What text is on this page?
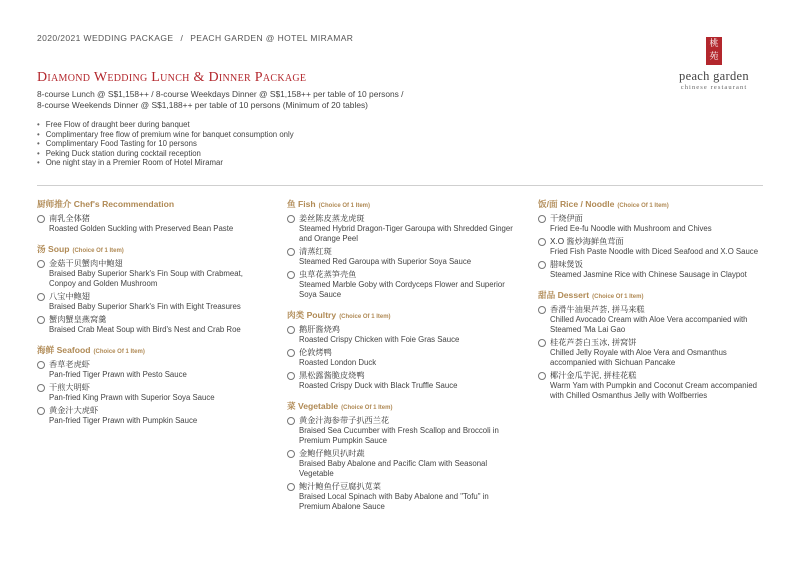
2020/2021 WEDDING PACKAGE / PEACH GARDEN @ HOTEL MIRAMAR
桃苑
peach garden
chinese restaurant
Diamond Wedding Lunch & Dinner Package
8-course Lunch @ S$1,158++ / 8-course Weekdays Dinner @ S$1,158++ per table of 10 persons /
8-course Weekends Dinner @ S$1,188++ per table of 10 persons (Minimum of 20 tables)
• Free Flow of draught beer during banquet
• Complimentary free flow of premium wine for banquet consumption only
• Complimentary Food Tasting for 10 persons
• Peking Duck station during cocktail reception
• One night stay in a Premier Room of Hotel Miramar
厨师推介 Chef's Recommendation
南乳全体猪
Roasted Golden Suckling with Preserved Bean Paste
汤 Soup (Choice Of 1 Item)
金菇干贝蟹肉中鲍翅
Braised Baby Superior Shark's Fin Soup with Crabmeat, Conpoy and Golden Mushroom
八宝中鲍翅
Braised Baby Superior Shark's Fin with Eight Treasures
蟹肉蟹皇燕窝羹
Braised Crab Meat Soup with Bird's Nest and Crab Roe
海鲜 Seafood (Choice Of 1 Item)
香草老虎虾
Pan-fried Tiger Prawn with Pesto Sauce
干煎大明虾
Pan-fried King Prawn with Superior Soya Sauce
黄金汁大虎虾
Pan-fried Tiger Prawn with Pumpkin Sauce
鱼 Fish (Choice Of 1 Item)
姜丝陈皮蒸龙虎斑
Steamed Hybrid Dragon-Tiger Garoupa with Shredded Ginger and Orange Peel
清蒸红斑
Steamed Red Garoupa with Superior Soya Sauce
虫草花蒸笋壳鱼
Steamed Marble Goby with Cordyceps Flower and Superior Soya Sauce
肉类 Poultry (Choice Of 1 Item)
鹅肝酱烧鸡
Roasted Crispy Chicken with Foie Gras Sauce
伦敦烤鸭
Roasted London Duck
黑松露酱脆皮烧鸭
Roasted Crispy Duck with Black Truffle Sauce
菜 Vegetable (Choice Of 1 Item)
黄金汁海参带子扒西兰花
Braised Sea Cucumber with Fresh Scallop and Broccoli in Premium Pumpkin Sauce
金鲍仔鲍贝扒时蔬
Braised Baby Abalone and Pacific Clam with Seasonal Vegetable
鲍汁鲍鱼仔豆腐扒苋菜
Braised Local Spinach with Baby Abalone and "Tofu" in Premium Abalone Sauce
饭/面 Rice / Noodle (Choice Of 1 Item)
干烧伊面
Fried Ee-fu Noodle with Mushroom and Chives
X.O 酱炒海鲜鱼茸面
Fried Fish Paste Noodle with Diced Seafood and X.O Sauce
腊味煲饭
Steamed Jasmine Rice with Chinese Sausage in Claypot
甜品 Dessert (Choice Of 1 Item)
香滑牛油果芦荟, 拼马来糕
Chilled Avocado Cream with Aloe Vera accompanied with Steamed 'Ma Lai Gao
桂花芦荟白玉冰, 拼窝饼
Chilled Jelly Royale with Aloe Vera and Osmanthus accompanied with Sichuan Pancake
椰汁金瓜芋泥, 拼桂花糕
Warm Yam with Pumpkin and Coconut Cream accompanied with Chilled Osmanthus Jelly with Wolfberries
